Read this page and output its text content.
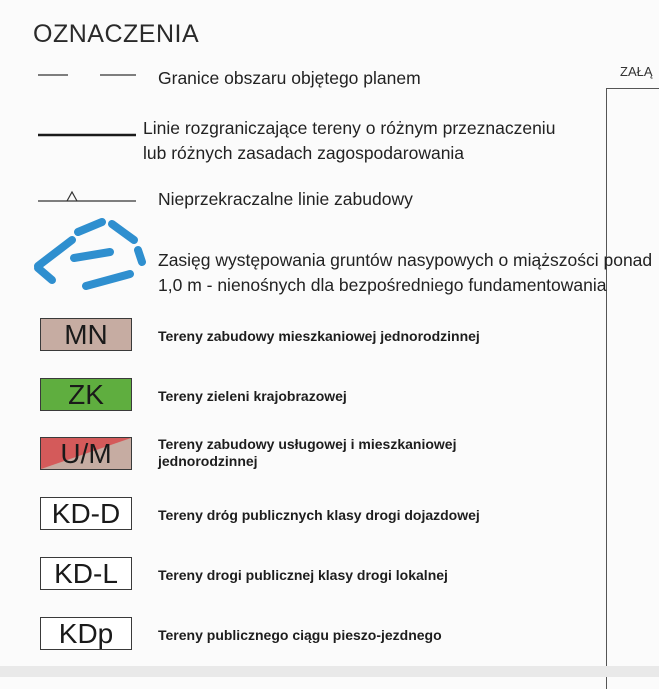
OZNACZENIA
ZAŁĄ
Granice obszaru objętego planem
Linie rozgraniczające tereny o różnym przeznaczeniu
lub różnych zasadach zagospodarowania
Nieprzekraczalne linie zabudowy
Zasięg występowania gruntów nasypowych o miąższości ponad
1,0 m - nienośnych dla bezpośredniego fundamentowania
MN	Tereny zabudowy mieszkaniowej jednorodzinnej
ZK	Tereny zieleni krajobrazowej
U/M	Tereny zabudowy usługowej i mieszkaniowej
jednorodzinnej
KD-D	Tereny drόg publicznych klasy drogi dojazdowej
KD-L	Tereny drogi publicznej klasy drogi lokalnej
KDp	Tereny publicznego ciągu pieszo-jezdnego
